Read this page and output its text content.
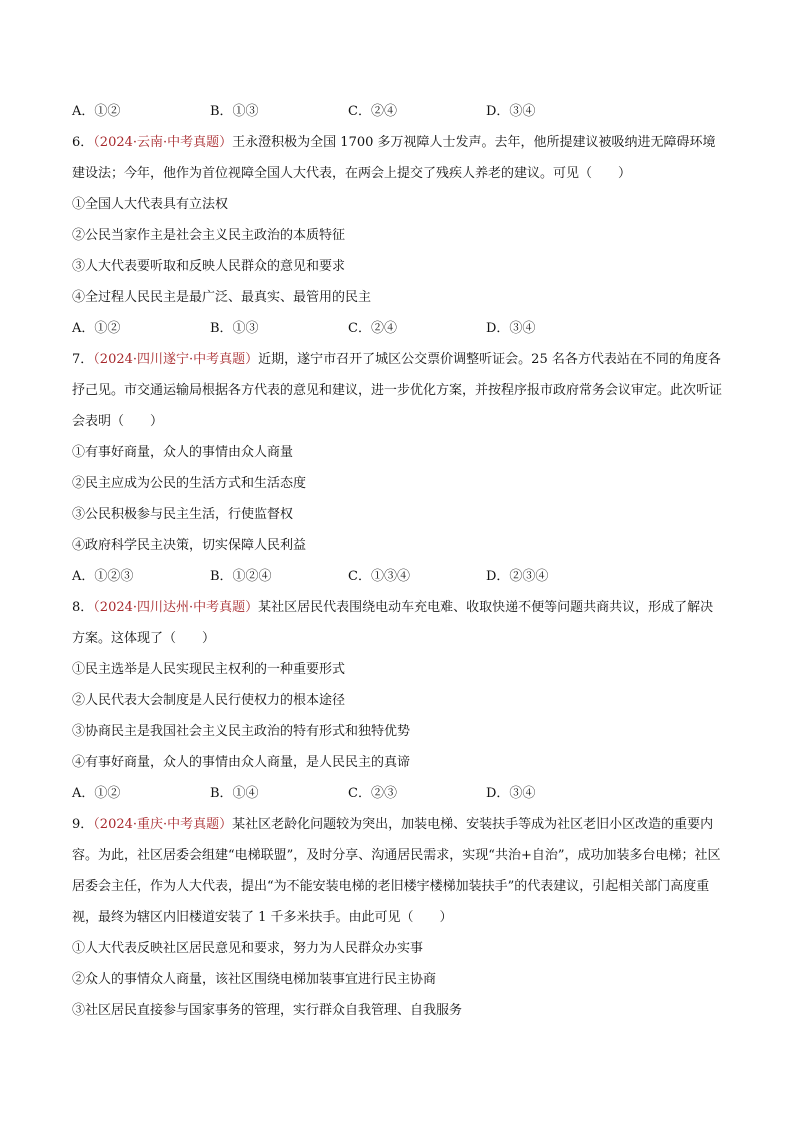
A．①②	B．①③	C．②④	D．③④
6．（2024·云南·中考真题）王永澄积极为全国 1700 多万视障人士发声。去年，他所提建议被吸纳进无障碍环境建设法；今年，他作为首位视障全国人大代表，在两会上提交了残疾人养老的建议。可见（　　）
①全国人大代表具有立法权
②公民当家作主是社会主义民主政治的本质特征
③人大代表要听取和反映人民群众的意见和要求
④全过程人民民主是最广泛、最真实、最管用的民主
A．①②	B．①③	C．②④	D．③④
7．（2024·四川遂宁·中考真题）近期，遂宁市召开了城区公交票价调整听证会。25 名各方代表站在不同的角度各抒己见。市交通运输局根据各方代表的意见和建议，进一步优化方案，并按程序报市政府常务会议审定。此次听证会表明（　　）
①有事好商量，众人的事情由众人商量
②民主应成为公民的生活方式和生活态度
③公民积极参与民主生活，行使监督权
④政府科学民主决策，切实保障人民利益
A．①②③	B．①②④	C．①③④	D．②③④
8．（2024·四川达州·中考真题）某社区居民代表围绕电动车充电难、收取快递不便等问题共商共议，形成了解决方案。这体现了（　　）
①民主选举是人民实现民主权利的一种重要形式
②人民代表大会制度是人民行使权力的根本途径
③协商民主是我国社会主义民主政治的特有形式和独特优势
④有事好商量，众人的事情由众人商量，是人民民主的真谛
A．①②	B．①④	C．②③	D．③④
9．（2024·重庆·中考真题）某社区老龄化问题较为突出，加装电梯、安装扶手等成为社区老旧小区改造的重要内容。为此，社区居委会组建“电梯联盟”，及时分享、沟通居民需求，实现“共治+自治”，成功加装多台电梯；社区居委会主任，作为人大代表，提出“为不能安装电梯的老旧楼宇楼梯加装扶手”的代表建议，引起相关部门高度重视，最终为辖区内旧楼道安装了 1 千多米扶手。由此可见（　　）
①人大代表反映社区居民意见和要求，努力为人民群众办实事
②众人的事情众人商量，该社区围绕电梯加装事宜进行民主协商
③社区居民直接参与国家事务的管理，实行群众自我管理、自我服务
